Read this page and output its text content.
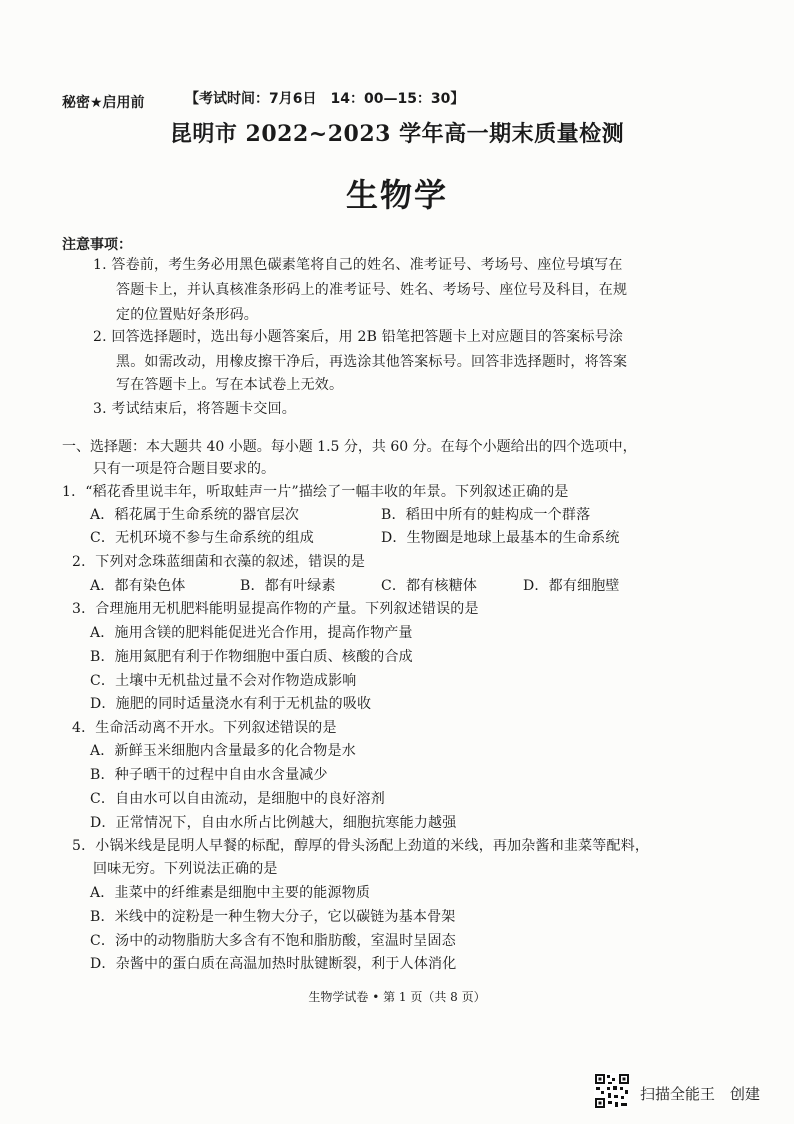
秘密★启用前	【考试时间：7月6日　14：00—15：30】
昆明市 2022~2023 学年高一期末质量检测
生物学
注意事项：
1. 答卷前，考生务必用黑色碳素笔将自己的姓名、准考证号、考场号、座位号填写在
答题卡上，并认真核准条形码上的准考证号、姓名、考场号、座位号及科目，在规
定的位置贴好条形码。
2. 回答选择题时，选出每小题答案后，用 2B 铅笔把答题卡上对应题目的答案标号涂
黑。如需改动，用橡皮擦干净后，再选涂其他答案标号。回答非选择题时，将答案
写在答题卡上。写在本试卷上无效。
3. 考试结束后，将答题卡交回。
一、选择题：本大题共 40 小题。每小题 1.5 分，共 60 分。在每个小题给出的四个选项中，
只有一项是符合题目要求的。
1．“稻花香里说丰年，听取蛙声一片”描绘了一幅丰收的年景。下列叙述正确的是
A．稻花属于生命系统的器官层次	B．稻田中所有的蛙构成一个群落
C．无机环境不参与生命系统的组成	D．生物圈是地球上最基本的生命系统
2．下列对念珠蓝细菌和衣藻的叙述，错误的是
A．都有染色体	B．都有叶绿素	C．都有核糖体	D．都有细胞壁
3．合理施用无机肥料能明显提高作物的产量。下列叙述错误的是
A．施用含镁的肥料能促进光合作用，提高作物产量
B．施用氮肥有利于作物细胞中蛋白质、核酸的合成
C．土壤中无机盐过量不会对作物造成影响
D．施肥的同时适量浇水有利于无机盐的吸收
4．生命活动离不开水。下列叙述错误的是
A．新鲜玉米细胞内含量最多的化合物是水
B．种子晒干的过程中自由水含量减少
C．自由水可以自由流动，是细胞中的良好溶剂
D．正常情况下，自由水所占比例越大，细胞抗寒能力越强
5．小锅米线是昆明人早餐的标配，醇厚的骨头汤配上劲道的米线，再加杂酱和韭菜等配料，
回味无穷。下列说法正确的是
A．韭菜中的纤维素是细胞中主要的能源物质
B．米线中的淀粉是一种生物大分子，它以碳链为基本骨架
C．汤中的动物脂肪大多含有不饱和脂肪酸，室温时呈固态
D．杂酱中的蛋白质在高温加热时肽键断裂，利于人体消化
生物学试卷 • 第 1 页（共 8 页）
扫描全能王　创建
